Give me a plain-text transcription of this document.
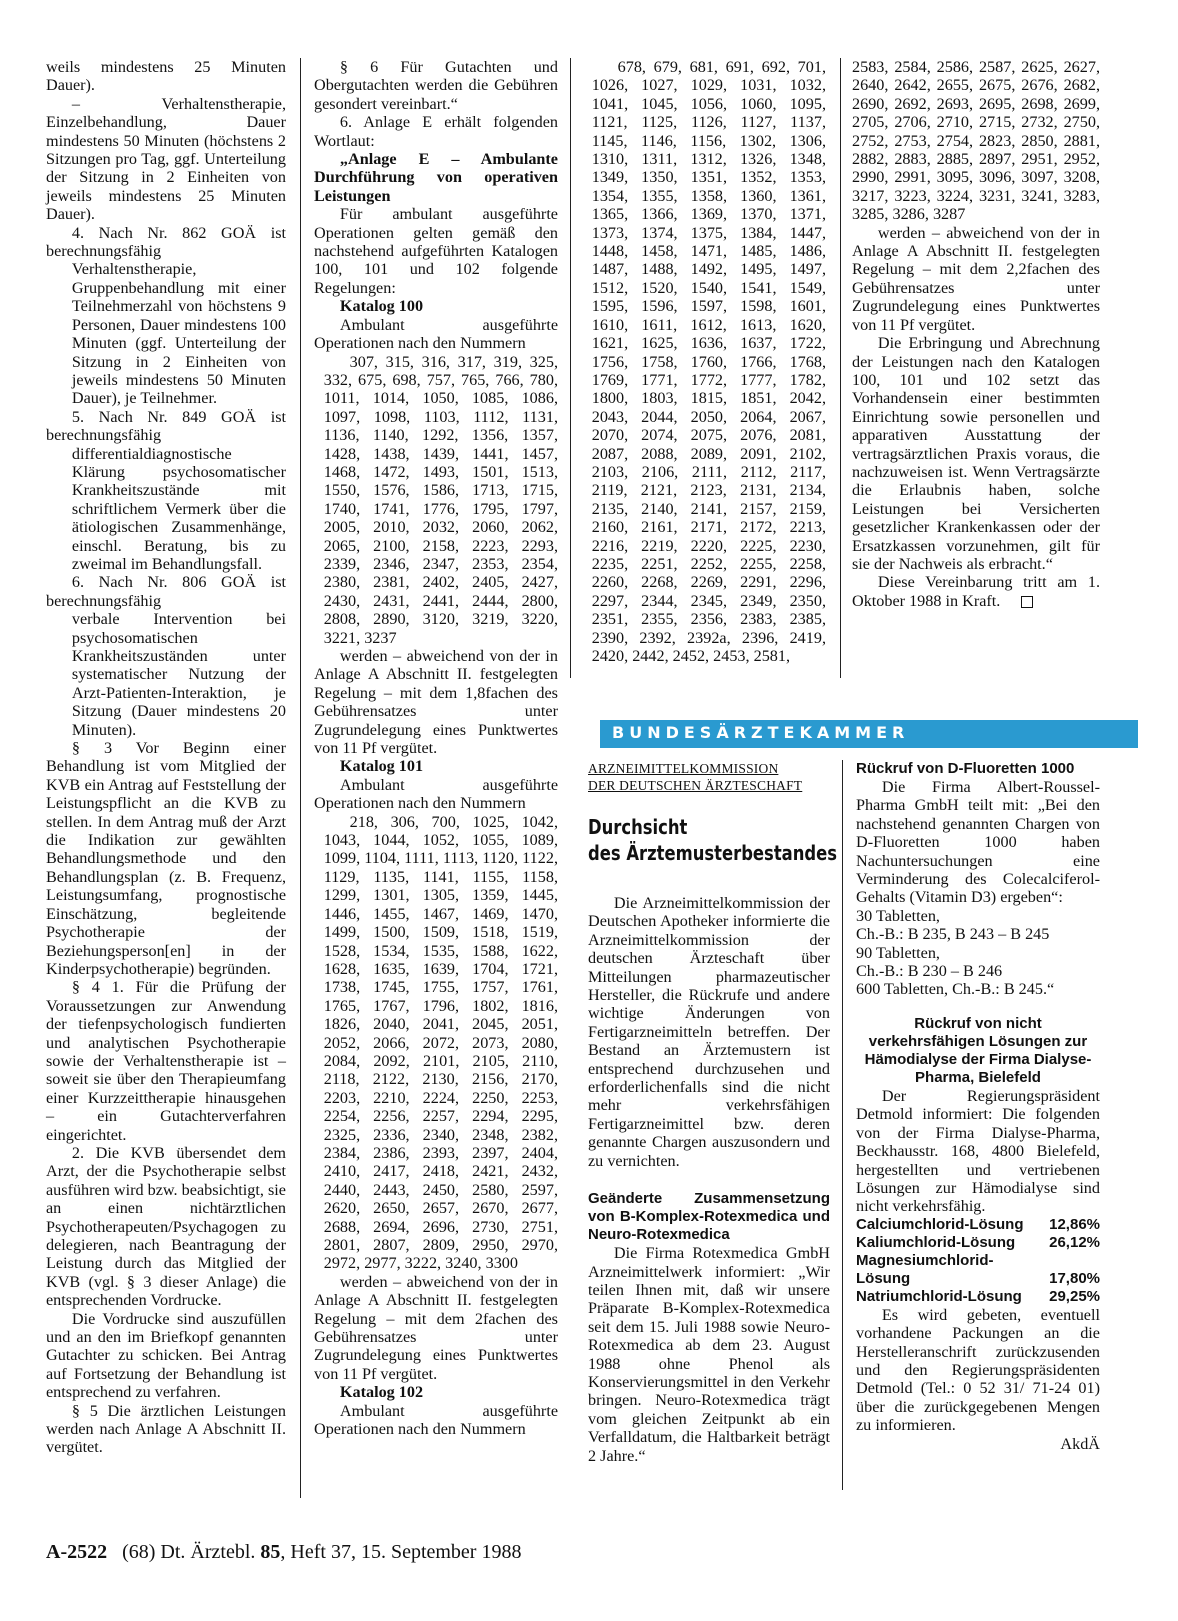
weils mindestens 25 Minuten Dauer).

– Verhaltenstherapie, Einzelbehandlung, Dauer mindestens 50 Minuten (höchstens 2 Sitzungen pro Tag, ggf. Unterteilung der Sitzung in 2 Einheiten von jeweils mindestens 25 Minuten Dauer).

4. Nach Nr. 862 GOÄ ist berechnungsfähig

Verhaltenstherapie, Gruppenbehandlung mit einer Teilnehmerzahl von höchstens 9 Personen, Dauer mindestens 100 Minuten (ggf. Unterteilung der Sitzung in 2 Einheiten von jeweils mindestens 50 Minuten Dauer), je Teilnehmer.

5. Nach Nr. 849 GOÄ ist berechnungsfähig

differentialdiagnostische Klärung psychosomatischer Krankheitszustände mit schriftlichem Vermerk über die ätiologischen Zusammenhänge, einschl. Beratung, bis zu zweimal im Behandlungsfall.

6. Nach Nr. 806 GOÄ ist berechnungsfähig

verbale Intervention bei psychosomatischen Krankheitszuständen unter systematischer Nutzung der Arzt-Patienten-Interaktion, je Sitzung (Dauer mindestens 20 Minuten).

§ 3 Vor Beginn einer Behandlung ist vom Mitglied der KVB ein Antrag auf Feststellung der Leistungspflicht an die KVB zu stellen. In dem Antrag muß der Arzt die Indikation zur gewählten Behandlungsmethode und den Behandlungsplan (z. B. Frequenz, Leistungsumfang, prognostische Einschätzung, begleitende Psychotherapie der Beziehungsperson[en] in der Kinderpsychotherapie) begründen.

§ 4 1. Für die Prüfung der Voraussetzungen zur Anwendung der tiefenpsychologisch fundierten und analytischen Psychotherapie sowie der Verhaltenstherapie ist – soweit sie über den Therapieumfang einer Kurzzeittherapie hinausgehen – ein Gutachterverfahren eingerichtet.

2. Die KVB übersendet dem Arzt, der die Psychotherapie selbst ausführen wird bzw. beabsichtigt, sie an einen nichtärztlichen Psychotherapeuten/Psychagogen zu delegieren, nach Beantragung der Leistung durch das Mitglied der KVB (vgl. § 3 dieser Anlage) die entsprechenden Vordrucke.

Die Vordrucke sind auszufüllen und an den im Briefkopf genannten Gutachter zu schicken. Bei Antrag auf Fortsetzung der Behandlung ist entsprechend zu verfahren.

§ 5 Die ärztlichen Leistungen werden nach Anlage A Abschnitt II. vergütet.

§ 6 Für Gutachten und Obergutachten werden die Gebühren gesondert vereinbart.“

6. Anlage E erhält folgenden Wortlaut:

„Anlage E – Ambulante Durchführung von operativen Leistungen

Für ambulant ausgeführte Operationen gelten gemäß den nachstehend aufgeführten Katalogen 100, 101 und 102 folgende Regelungen:

Katalog 100

Ambulant ausgeführte Operationen nach den Nummern

307, 315, 316, 317, 319, 325, 332, 675, 698, 757, 765, 766, 780, 1011, 1014, 1050, 1085, 1086, 1097, 1098, 1103, 1112, 1131, 1136, 1140, 1292, 1356, 1357, 1428, 1438, 1439, 1441, 1457, 1468, 1472, 1493, 1501, 1513, 1550, 1576, 1586, 1713, 1715, 1740, 1741, 1776, 1795, 1797, 2005, 2010, 2032, 2060, 2062, 2065, 2100, 2158, 2223, 2293, 2339, 2346, 2347, 2353, 2354, 2380, 2381, 2402, 2405, 2427, 2430, 2431, 2441, 2444, 2800, 2808, 2890, 3120, 3219, 3220, 3221, 3237

werden – abweichend von der in Anlage A Abschnitt II. festgelegten Regelung – mit dem 1,8fachen des Gebührensatzes unter Zugrundelegung eines Punktwertes von 11 Pf vergütet.

Katalog 101

Ambulant ausgeführte Operationen nach den Nummern

218, 306, 700, 1025, 1042, 1043, 1044, 1052, 1055, 1089, 1099, 1104, 1111, 1113, 1120, 1122, 1129, 1135, 1141, 1155, 1158, 1299, 1301, 1305, 1359, 1445, 1446, 1455, 1467, 1469, 1470, 1499, 1500, 1509, 1518, 1519, 1528, 1534, 1535, 1588, 1622, 1628, 1635, 1639, 1704, 1721, 1738, 1745, 1755, 1757, 1761, 1765, 1767, 1796, 1802, 1816, 1826, 2040, 2041, 2045, 2051, 2052, 2066, 2072, 2073, 2080, 2084, 2092, 2101, 2105, 2110, 2118, 2122, 2130, 2156, 2170, 2203, 2210, 2224, 2250, 2253, 2254, 2256, 2257, 2294, 2295, 2325, 2336, 2340, 2348, 2382, 2384, 2386, 2393, 2397, 2404, 2410, 2417, 2418, 2421, 2432, 2440, 2443, 2450, 2580, 2597, 2620, 2650, 2657, 2670, 2677, 2688, 2694, 2696, 2730, 2751, 2801, 2807, 2809, 2950, 2970, 2972, 2977, 3222, 3240, 3300

werden – abweichend von der in Anlage A Abschnitt II. festgelegten Regelung – mit dem 2fachen des Gebührensatzes unter Zugrundelegung eines Punktwertes von 11 Pf vergütet.

Katalog 102

Ambulant ausgeführte Operationen nach den Nummern

678, 679, 681, 691, 692, 701, 1026, 1027, 1029, 1031, 1032, 1041, 1045, 1056, 1060, 1095, 1121, 1125, 1126, 1127, 1137, 1145, 1146, 1156, 1302, 1306, 1310, 1311, 1312, 1326, 1348, 1349, 1350, 1351, 1352, 1353, 1354, 1355, 1358, 1360, 1361, 1365, 1366, 1369, 1370, 1371, 1373, 1374, 1375, 1384, 1447, 1448, 1458, 1471, 1485, 1486, 1487, 1488, 1492, 1495, 1497, 1512, 1520, 1540, 1541, 1549, 1595, 1596, 1597, 1598, 1601, 1610, 1611, 1612, 1613, 1620, 1621, 1625, 1636, 1637, 1722, 1756, 1758, 1760, 1766, 1768, 1769, 1771, 1772, 1777, 1782, 1800, 1803, 1815, 1851, 2042, 2043, 2044, 2050, 2064, 2067, 2070, 2074, 2075, 2076, 2081, 2087, 2088, 2089, 2091, 2102, 2103, 2106, 2111, 2112, 2117, 2119, 2121, 2123, 2131, 2134, 2135, 2140, 2141, 2157, 2159, 2160, 2161, 2171, 2172, 2213, 2216, 2219, 2220, 2225, 2230, 2235, 2251, 2252, 2255, 2258, 2260, 2268, 2269, 2291, 2296, 2297, 2344, 2345, 2349, 2350, 2351, 2355, 2356, 2383, 2385, 2390, 2392, 2392a, 2396, 2419, 2420, 2442, 2452, 2453, 2581,

2583, 2584, 2586, 2587, 2625, 2627, 2640, 2642, 2655, 2675, 2676, 2682, 2690, 2692, 2693, 2695, 2698, 2699, 2705, 2706, 2710, 2715, 2732, 2750, 2752, 2753, 2754, 2823, 2850, 2881, 2882, 2883, 2885, 2897, 2951, 2952, 2990, 2991, 3095, 3096, 3097, 3208, 3217, 3223, 3224, 3231, 3241, 3283, 3285, 3286, 3287

werden – abweichend von der in Anlage A Abschnitt II. festgelegten Regelung – mit dem 2,2fachen des Gebührensatzes unter Zugrundelegung eines Punktwertes von 11 Pf vergütet.

Die Erbringung und Abrechnung der Leistungen nach den Katalogen 100, 101 und 102 setzt das Vorhandensein einer bestimmten Einrichtung sowie personellen und apparativen Ausstattung der vertragsärztlichen Praxis voraus, die nachzuweisen ist. Wenn Vertragsärzte die Erlaubnis haben, solche Leistungen bei Versicherten gesetzlicher Krankenkassen oder der Ersatzkassen vorzunehmen, gilt für sie der Nachweis als erbracht.“

Diese Vereinbarung tritt am 1. Oktober 1988 in Kraft.

BUNDESÄRZTEKAMMER

ARZNEIMITTELKOMMISSION

DER DEUTSCHEN ÄRZTESCHAFT

Durchsicht

des Ärztemusterbestandes

Die Arzneimittelkommission der Deutschen Apotheker informierte die Arzneimittelkommission der deutschen Ärzteschaft über Mitteilungen pharmazeutischer Hersteller, die Rückrufe und andere wichtige Änderungen von Fertigarzneimitteln betreffen. Der Bestand an Ärztemustern ist entsprechend durchzusehen und erforderlichenfalls sind die nicht mehr verkehrsfähigen Fertigarzneimittel bzw. deren genannte Chargen auszusondern und zu vernichten.

Geänderte Zusammensetzung von B-Komplex-Rotexmedica und Neuro-Rotexmedica

Die Firma Rotexmedica GmbH Arzneimittelwerk informiert: „Wir teilen Ihnen mit, daß wir unsere Präparate B-Komplex-Rotexmedica seit dem 15. Juli 1988 sowie Neuro-Rotexmedica ab dem 23. August 1988 ohne Phenol als Konservierungsmittel in den Verkehr bringen. Neuro-Rotexmedica trägt vom gleichen Zeitpunkt ab ein Verfalldatum, die Haltbarkeit beträgt 2 Jahre.“

Rückruf von D-Fluoretten 1000

Die Firma Albert-Roussel-Pharma GmbH teilt mit: „Bei den nachstehend genannten Chargen von D-Fluoretten 1000 haben Nachuntersuchungen eine Verminderung des Colecalciferol-Gehalts (Vitamin D3) ergeben“:

30 Tabletten,

Ch.-B.: B 235, B 243 – B 245

90 Tabletten,

Ch.-B.: B 230 – B 246

600 Tabletten, Ch.-B.: B 245.“

Rückruf von nicht verkehrsfähigen Lösungen zur Hämodialyse der Firma Dialyse-Pharma, Bielefeld

Der Regierungspräsident Detmold informiert: Die folgenden von der Firma Dialyse-Pharma, Beckhausstr. 168, 4800 Bielefeld, hergestellten und vertriebenen Lösungen zur Hämodialyse sind nicht verkehrsfähig.

Calciumchlorid-Lösung 12,86%
Kaliumchlorid-Lösung 26,12%
Magnesiumchlorid-
Lösung	17,80%
Natriumchlorid-Lösung 29,25%

Es wird gebeten, eventuell vorhandene Packungen an die Herstelleranschrift zurückzusenden und den Regierungspräsidenten Detmold (Tel.: 0 52 31/ 71-24 01) über die zurückgegebenen Mengen zu informieren.

AkdÄ

A-2522 (68) Dt. Ärztebl. 85, Heft 37, 15. September 1988
